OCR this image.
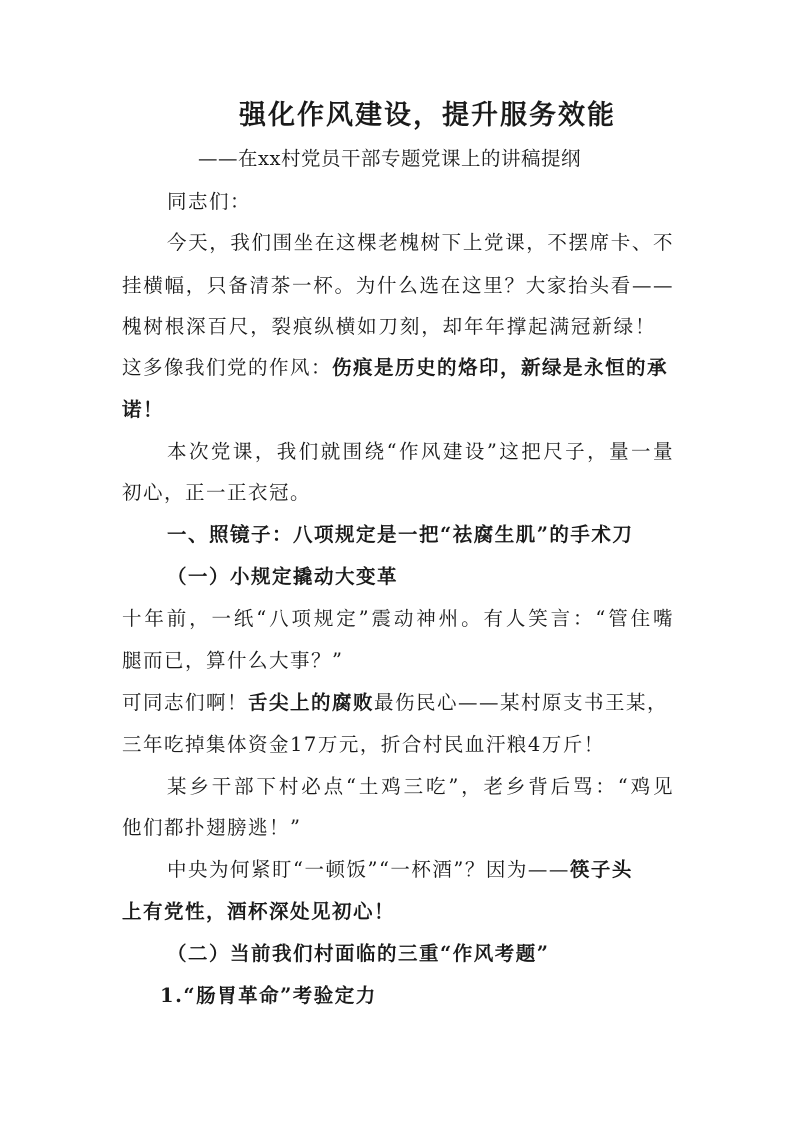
强化作风建设，提升服务效能
——在xx村党员干部专题党课上的讲稿提纲
同志们：
今天，我们围坐在这棵老槐树下上党课，不摆席卡、不
挂横幅，只备清茶一杯。为什么选在这里？大家抬头看——
槐树根深百尺，裂痕纵横如刀刻，却年年撑起满冠新绿！
这多像我们党的作风：伤痕是历史的烙印，新绿是永恒的承
诺！
本次党课，我们就围绕“作风建设”这把尺子，量一量
初心，正一正衣冠。
一、照镜子：八项规定是一把“祛腐生肌”的手术刀
（一）小规定撬动大变革
十年前，一纸“八项规定”震动神州。有人笑言：“管住嘴
腿而已，算什么大事？”
可同志们啊！舌尖上的腐败最伤民心——某村原支书王某，
三年吃掉集体资金17万元，折合村民血汗粮4万斤！
某乡干部下村必点“土鸡三吃”，老乡背后骂：“鸡见
他们都扑翅膀逃！”
中央为何紧盯“一顿饭”“一杯酒”？因为——筷子头
上有党性，酒杯深处见初心！
（二）当前我们村面临的三重“作风考题”
1.“肠胃革命”考验定力
